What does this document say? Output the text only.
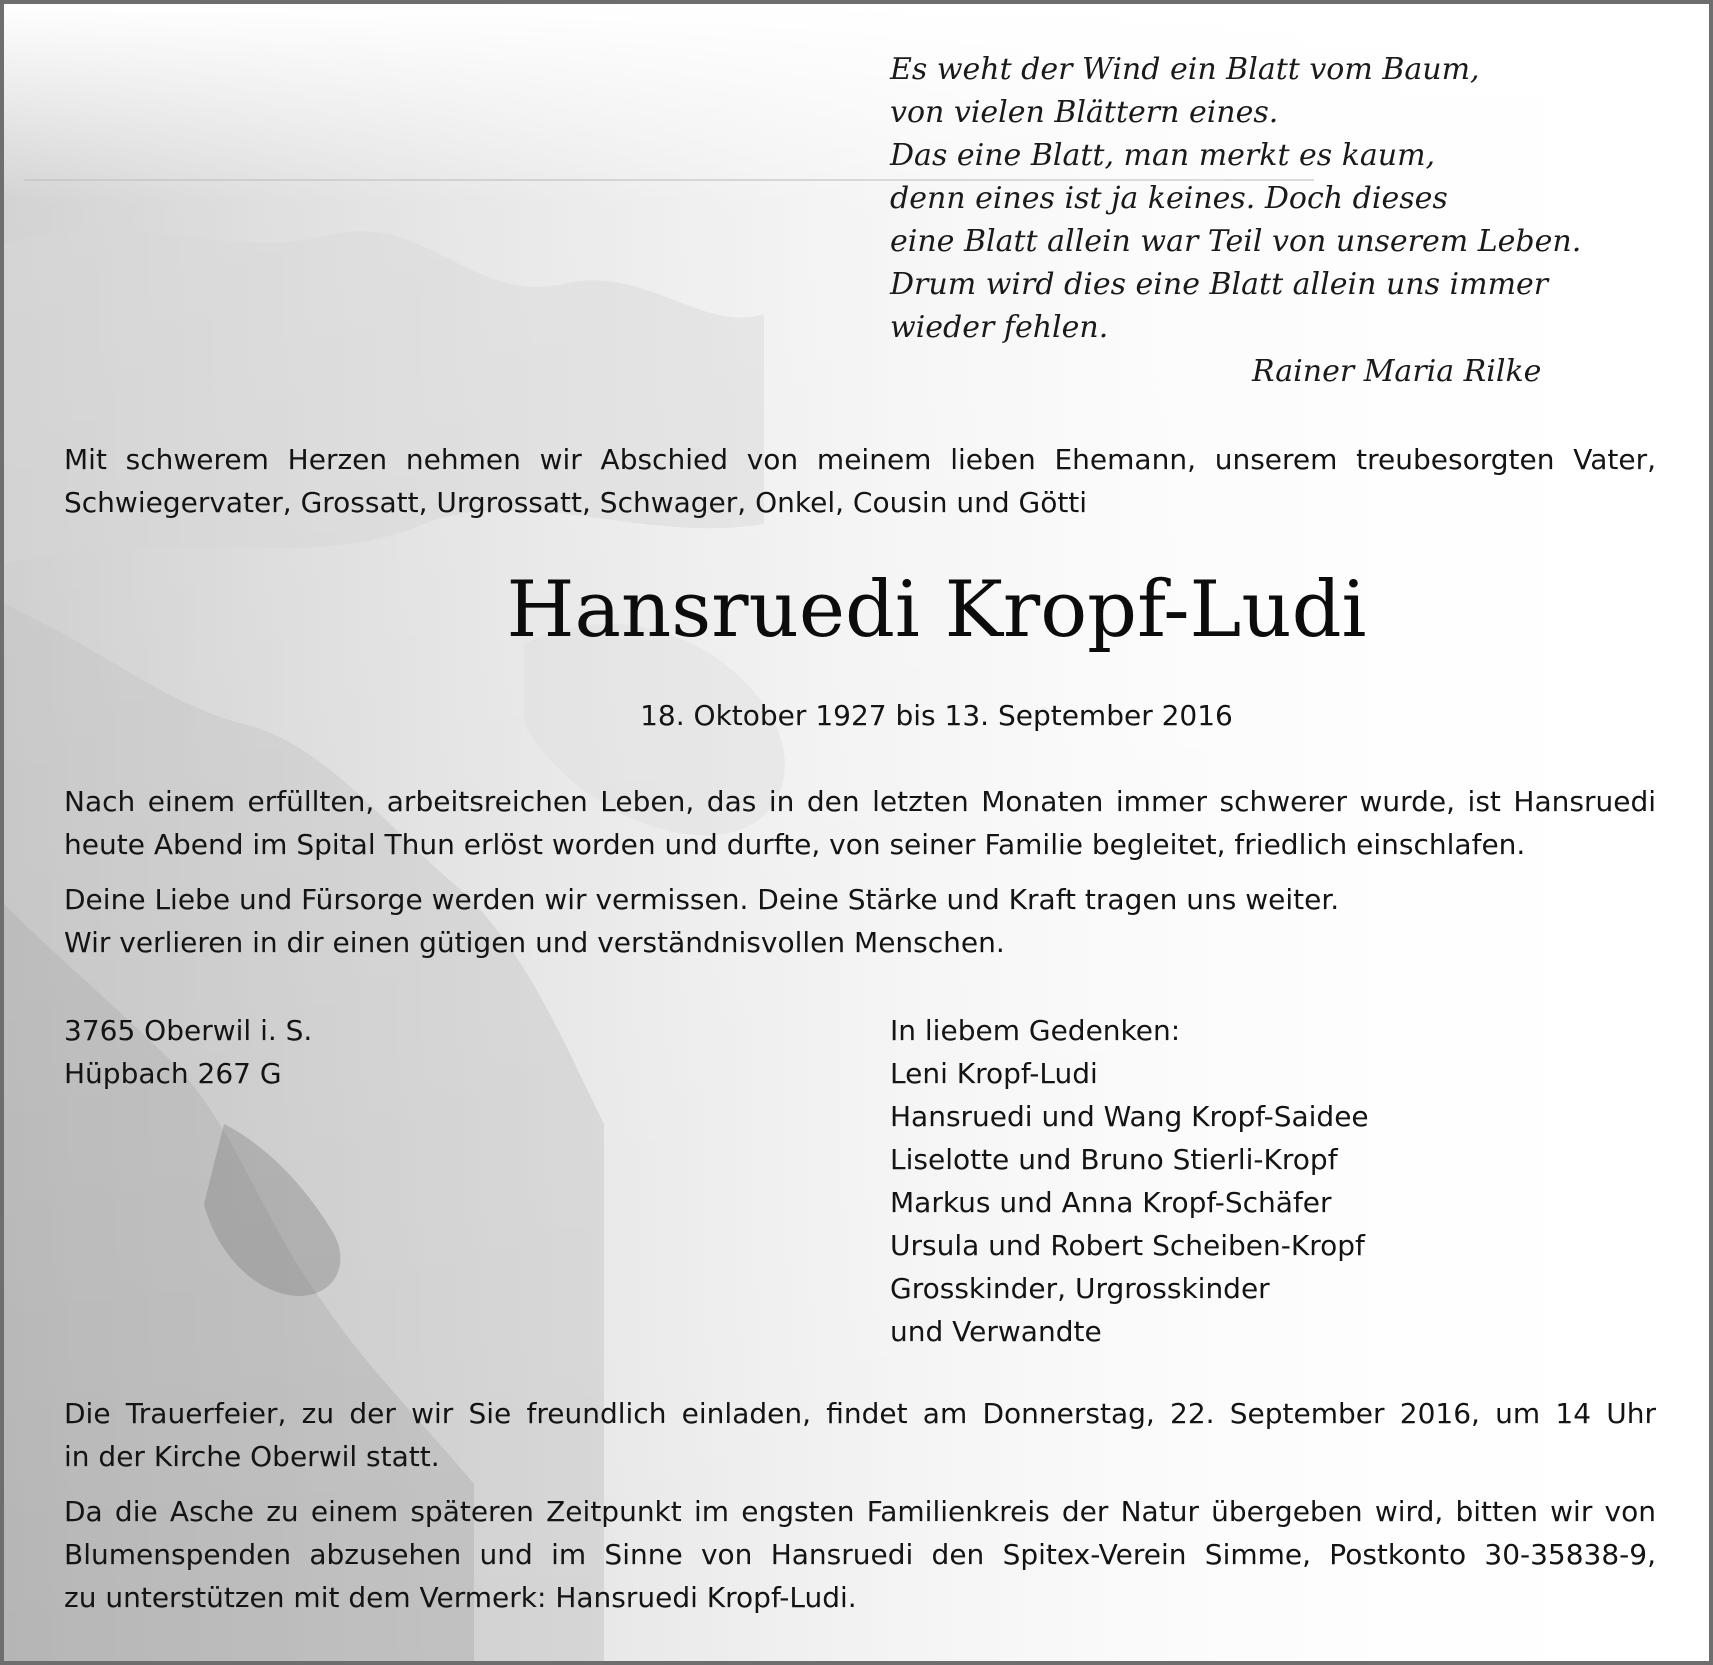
Es weht der Wind ein Blatt vom Baum,
von vielen Blättern eines.
Das eine Blatt, man merkt es kaum,
denn eines ist ja keines. Doch dieses
eine Blatt allein war Teil von unserem Leben.
Drum wird dies eine Blatt allein uns immer
wieder fehlen.
Rainer Maria Rilke
Mit schwerem Herzen nehmen wir Abschied von meinem lieben Ehemann, unserem treubesorgten Vater,
Schwiegervater, Grossatt, Urgrossatt, Schwager, Onkel, Cousin und Götti
Hansruedi Kropf-Ludi
18. Oktober 1927 bis 13. September 2016
Nach einem erfüllten, arbeitsreichen Leben, das in den letzten Monaten immer schwerer wurde, ist Hansruedi
heute Abend im Spital Thun erlöst worden und durfte, von seiner Familie begleitet, friedlich einschlafen.
Deine Liebe und Fürsorge werden wir vermissen. Deine Stärke und Kraft tragen uns weiter.
Wir verlieren in dir einen gütigen und verständnisvollen Menschen.
3765 Oberwil i. S.
Hüpbach 267 G
In liebem Gedenken:
Leni Kropf-Ludi
Hansruedi und Wang Kropf-Saidee
Liselotte und Bruno Stierli-Kropf
Markus und Anna Kropf-Schäfer
Ursula und Robert Scheiben-Kropf
Grosskinder, Urgrosskinder
und Verwandte
Die Trauerfeier, zu der wir Sie freundlich einladen, findet am Donnerstag, 22. September 2016, um 14 Uhr
in der Kirche Oberwil statt.
Da die Asche zu einem späteren Zeitpunkt im engsten Familienkreis der Natur übergeben wird, bitten wir von
Blumenspenden abzusehen und im Sinne von Hansruedi den Spitex-Verein Simme, Postkonto 30-35838-9,
zu unterstützen mit dem Vermerk: Hansruedi Kropf-Ludi.
